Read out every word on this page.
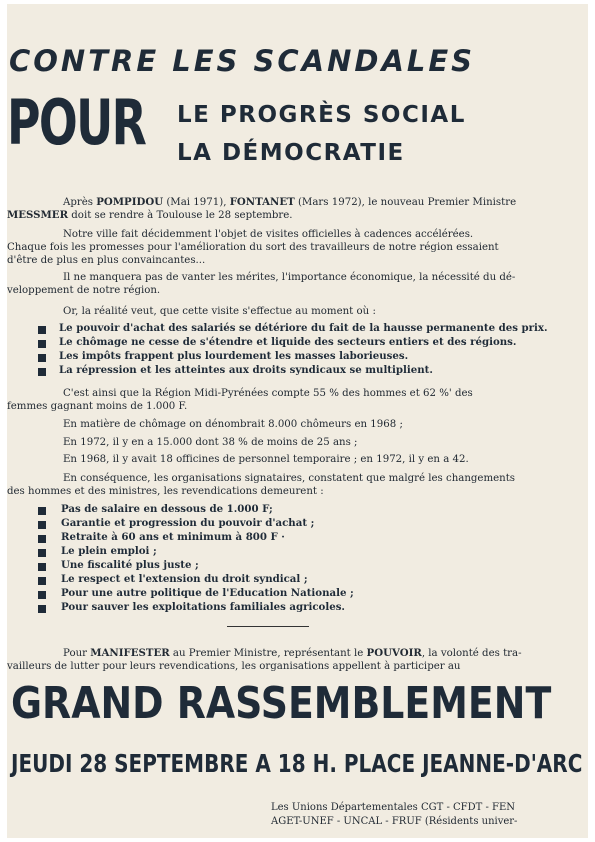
CONTRE LES SCANDALES
POUR LE PROGRÈS SOCIAL
LA DÉMOCRATIE
Après POMPIDOU (Mai 1971), FONTANET (Mars 1972), le nouveau Premier Ministre
MESSMER doit se rendre à Toulouse le 28 septembre.
Notre ville fait décidemment l'objet de visites officielles à cadences accélérées.
Chaque fois les promesses pour l'amélioration du sort des travailleurs de notre région essaient
d'être de plus en plus convaincantes...
Il ne manquera pas de vanter les mérites, l'importance économique, la nécessité du dé-
veloppement de notre région.
Or, la réalité veut, que cette visite s'effectue au moment où :
Le pouvoir d'achat des salariés se détériore du fait de la hausse permanente des prix.
Le chômage ne cesse de s'étendre et liquide des secteurs entiers et des régions.
Les impôts frappent plus lourdement les masses laborieuses.
La répression et les atteintes aux droits syndicaux se multiplient.
C'est ainsi que la Région Midi-Pyrénées compte 55 % des hommes et 62 %' des
femmes gagnant moins de 1.000 F.
En matière de chômage on dénombrait 8.000 chômeurs en 1968 ;
En 1972, il y en a 15.000 dont 38 % de moins de 25 ans ;
En 1968, il y avait 18 officines de personnel temporaire ; en 1972, il y en a 42.
En conséquence, les organisations signataires, constatent que malgré les changements
des hommes et des ministres, les revendications demeurent :
Pas de salaire en dessous de 1.000 F;
Garantie et progression du pouvoir d'achat ;
Retraite à 60 ans et minimum à 800 F ·
Le plein emploi ;
Une fiscalité plus juste ;
Le respect et l'extension du droit syndical ;
Pour une autre politique de l'Education Nationale ;
Pour sauver les exploitations familiales agricoles.
Pour MANIFESTER au Premier Ministre, représentant le POUVOIR, la volonté des tra-
vailleurs de lutter pour leurs revendications, les organisations appellent à participer au
GRAND RASSEMBLEMENT
JEUDI 28 SEPTEMBRE A 18 H. PLACE JEANNE-D'ARC
Les Unions Départementales CGT - CFDT - FEN
AGET-UNEF - UNCAL - FRUF (Résidents univer-
